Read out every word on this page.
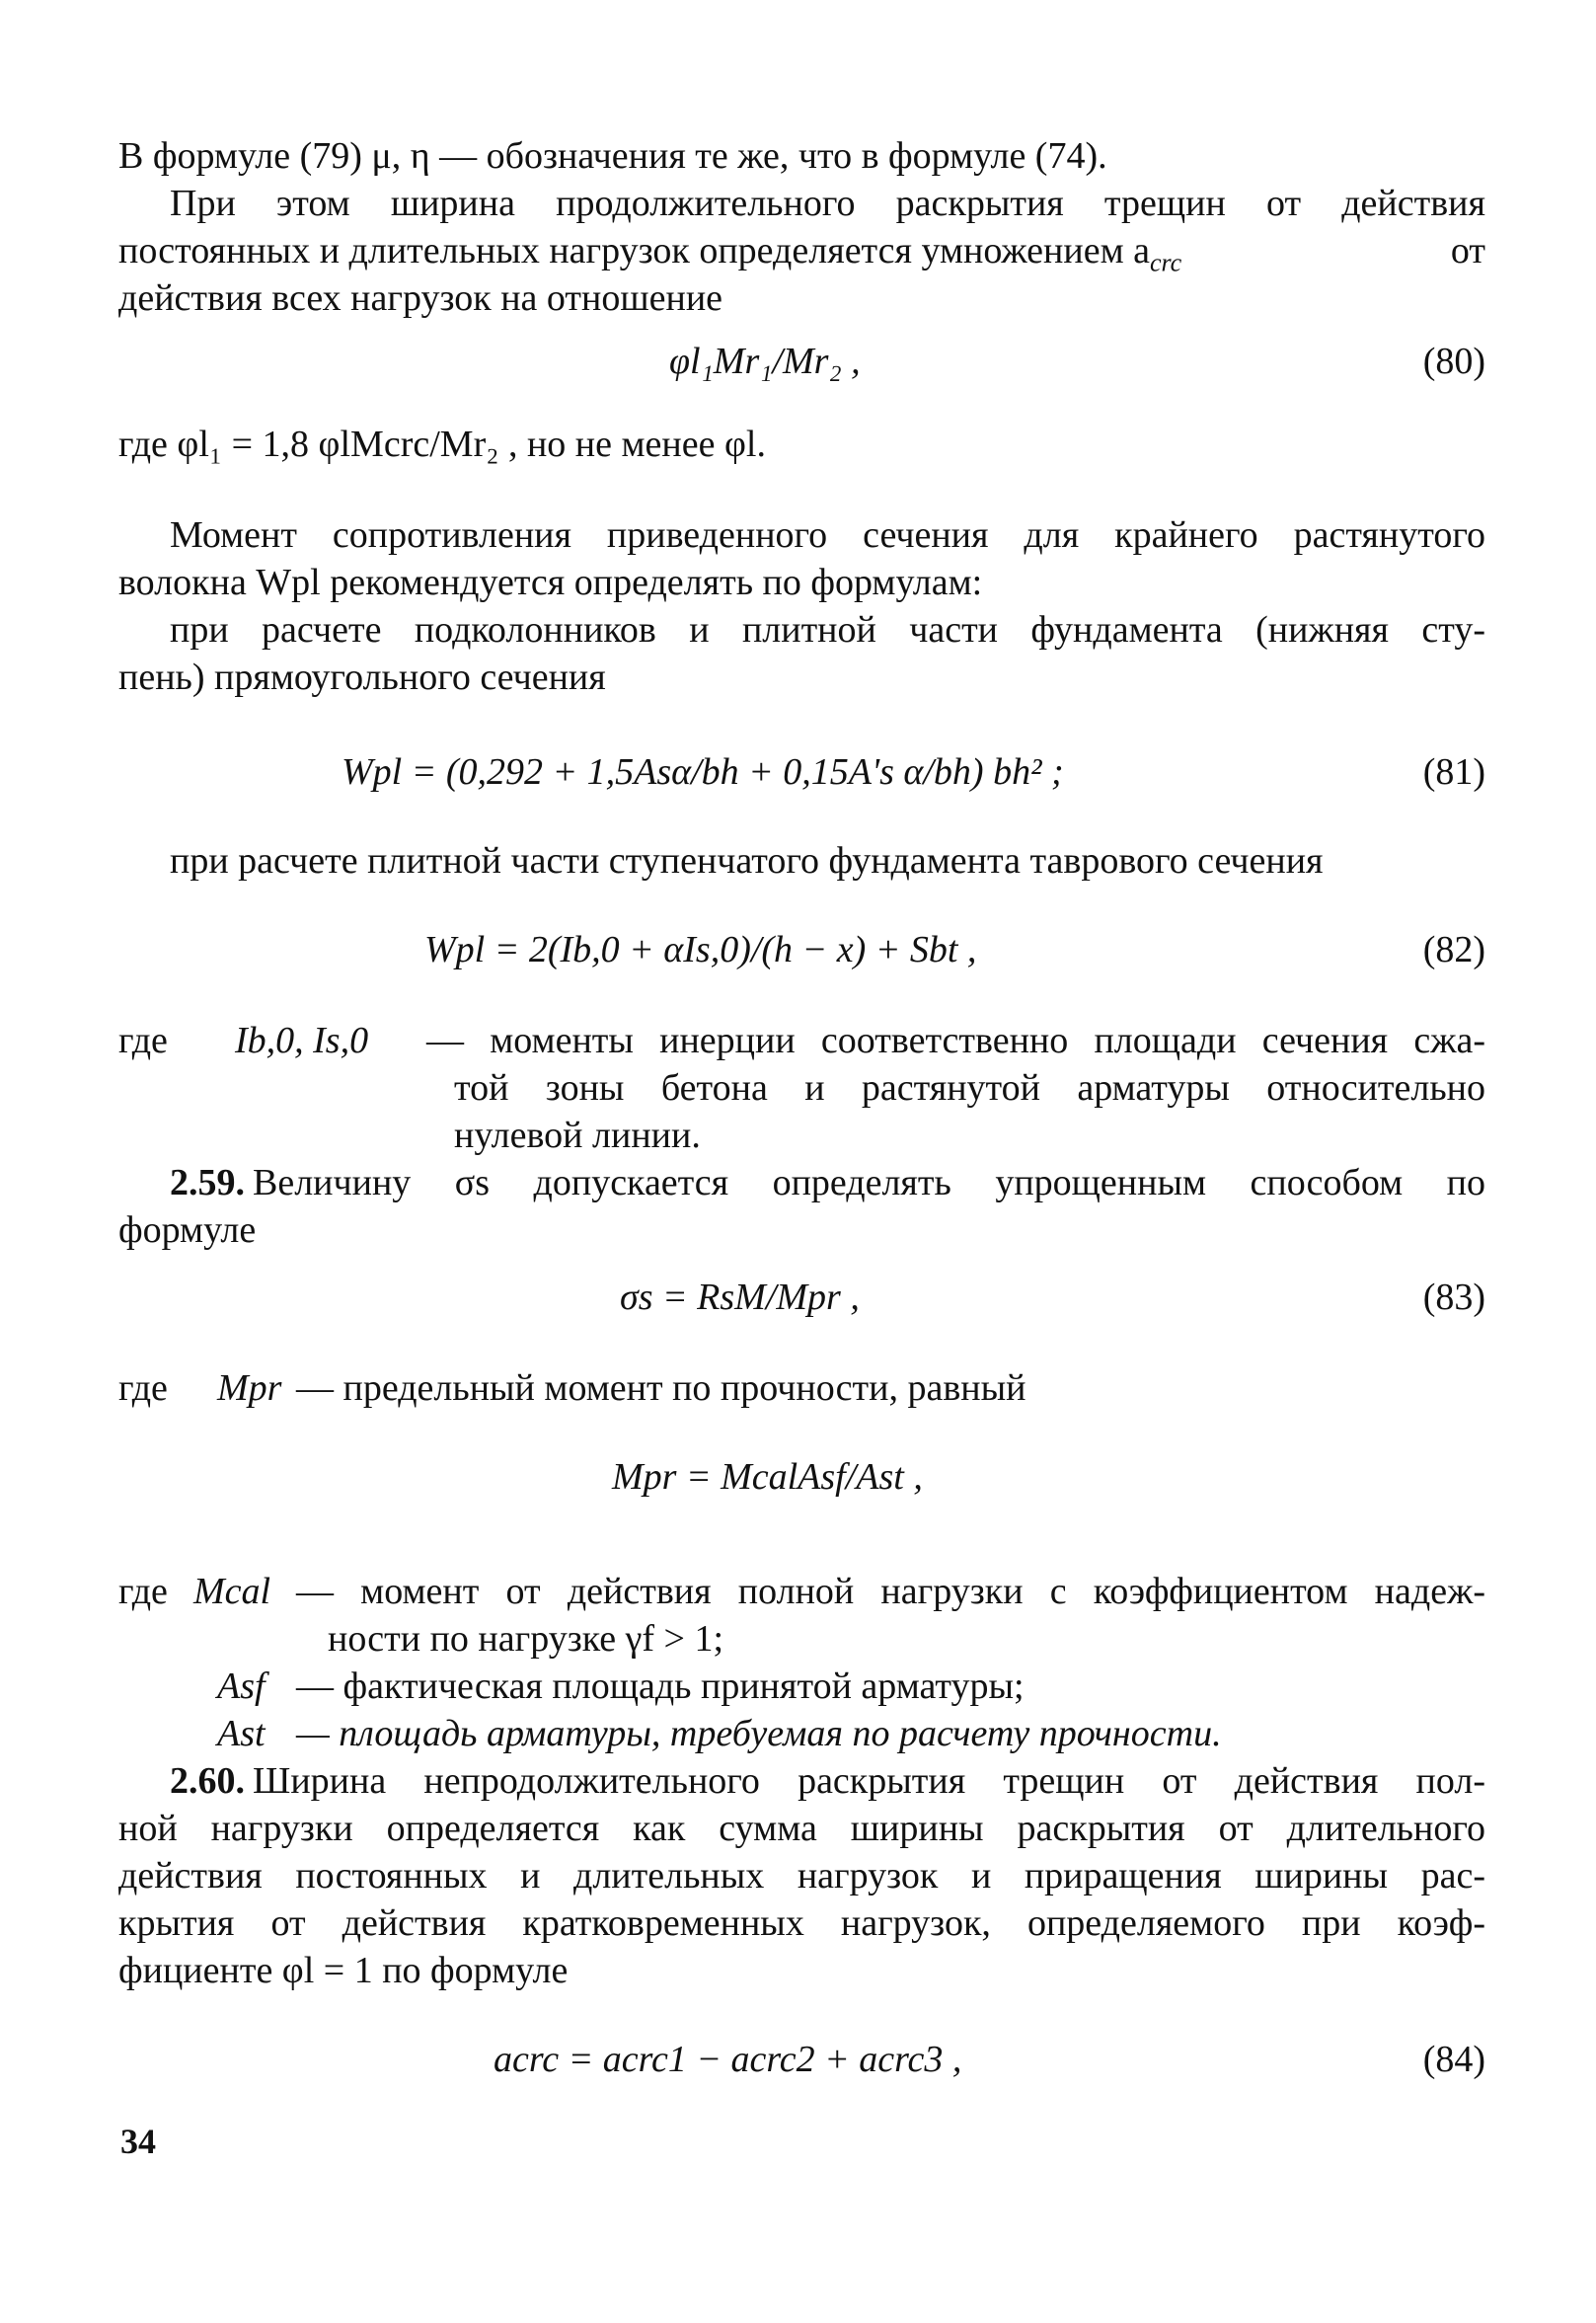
В формуле (79) μ, η — обозначения те же, что в формуле (74).
При этом ширина продолжительного раскрытия трещин от действия
постоянных и длительных нагрузок определяется умножением $a_{crc}$	от
действия всех нагрузок на отношение
φl₁Mr₁/Mr₂ ,	(80)
где φl₁ = 1,8 φlMcrc/Mr₂ , но не менее φl.
Момент сопротивления приведенного сечения для крайнего растянутого
волокна Wpl рекомендуется определять по формулам:
при расчете подколонников и плитной части фундамента (нижняя сту-
пень) прямоугольного сечения
Wpl = (0,292 + 1,5Asα/bh + 0,15A's α/bh) bh² ;	(81)
при расчете плитной части ступенчатого фундамента таврового сечения
Wpl = 2(Ib,0 + αIs,0)/(h − x) + Sbt ,	(82)
где Ib,0, Is,0 — моменты инерции соответственно площади сечения сжа-
той зоны бетона и растянутой арматуры относительно
нулевой линии.
2.59. Величину σs допускается определять упрощенным способом по
формуле
σs = RsM/Mpr ,	(83)
где Mpr — предельный момент по прочности, равный
Mpr = McalAsf/Ast ,
где Mcal — момент от действия полной нагрузки с коэффициентом надеж-
ности по нагрузке γf > 1;
Asf — фактическая площадь принятой арматуры;
Ast — площадь арматуры, требуемая по расчету прочности.
2.60. Ширина непродолжительного раскрытия трещин от действия пол-
ной нагрузки определяется как сумма ширины раскрытия от длительного
действия постоянных и длительных нагрузок и приращения ширины рас-
крытия от действия кратковременных нагрузок, определяемого при коэф-
фициенте φl = 1 по формуле
acrc = acrc1 − acrc2 + acrc3 ,	(84)
34
